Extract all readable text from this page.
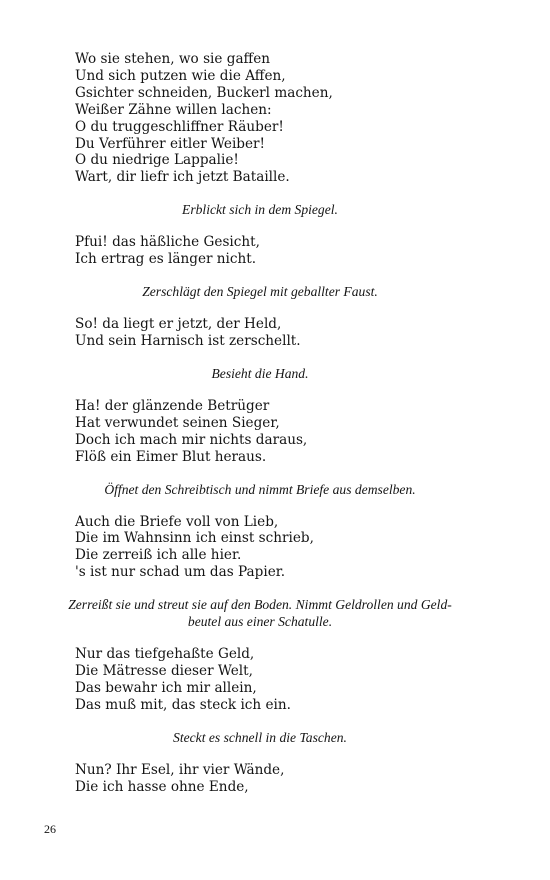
Wo sie stehen, wo sie gaffen
Und sich putzen wie die Affen,
Gsichter schneiden, Buckerl machen,
Weißer Zähne willen lachen:
O du truggeschliffner Räuber!
Du Verführer eitler Weiber!
O du niedrige Lappalie!
Wart, dir liefr ich jetzt Bataille.
Erblickt sich in dem Spiegel.
Pfui! das häßliche Gesicht,
Ich ertrag es länger nicht.
Zerschlägt den Spiegel mit geballter Faust.
So! da liegt er jetzt, der Held,
Und sein Harnisch ist zerschellt.
Besieht die Hand.
Ha! der glänzende Betrüger
Hat verwundet seinen Sieger,
Doch ich mach mir nichts daraus,
Flöß ein Eimer Blut heraus.
Öffnet den Schreibtisch und nimmt Briefe aus demselben.
Auch die Briefe voll von Lieb,
Die im Wahnsinn ich einst schrieb,
Die zerreiß ich alle hier.
's ist nur schad um das Papier.
Zerreißt sie und streut sie auf den Boden. Nimmt Geldrollen und Geld-
beutel aus einer Schatulle.
Nur das tiefgehaßte Geld,
Die Mätresse dieser Welt,
Das bewahr ich mir allein,
Das muß mit, das steck ich ein.
Steckt es schnell in die Taschen.
Nun? Ihr Esel, ihr vier Wände,
Die ich hasse ohne Ende,
26
